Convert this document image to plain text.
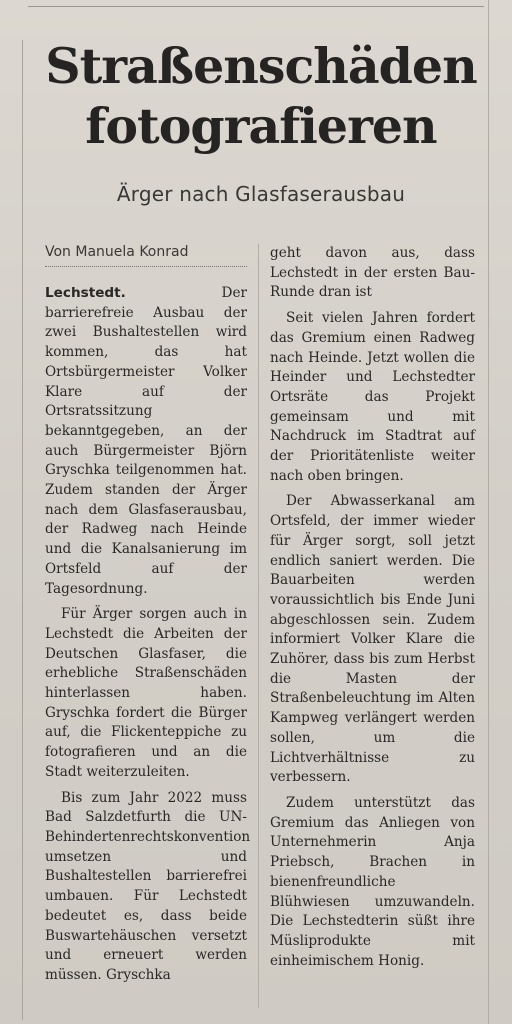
Straßenschäden fotografieren
Ärger nach Glasfaserausbau
Von Manuela Konrad

Lechstedt.	Der barrierefreie Ausbau der zwei Bushaltestellen wird kommen, das hat Ortsbürgermeister Volker Klare auf der Ortsratssitzung bekanntgegeben, an der auch Bürgermeister Björn Gryschka teilgenommen hat. Zudem standen der Ärger nach dem Glasfaserausbau, der Radweg nach Heinde und die Kanalsanierung im Ortsfeld auf der Tagesordnung.

Für Ärger sorgen auch in Lechstedt die Arbeiten der Deutschen Glasfaser, die erhebliche Straßenschäden hinterlassen haben. Gryschka fordert die Bürger auf, die Flickenteppiche zu fotografieren und an die Stadt weiterzuleiten.

Bis zum Jahr 2022 muss Bad Salzdetfurth die UN-Behindertenrechtskonvention umsetzen und Bushaltestellen barrierefrei umbauen. Für Lechstedt bedeutet es, dass beide Buswartehäuschen versetzt und erneuert werden müssen. Gryschka

geht davon aus, dass Lechstedt in der ersten Bau-Runde dran ist

Seit vielen Jahren fordert das Gremium einen Radweg nach Heinde. Jetzt wollen die Heinder und Lechstedter Ortsräte das Projekt gemeinsam und mit Nachdruck im Stadtrat auf der Prioritätenliste weiter nach oben bringen.

Der Abwasserkanal am Ortsfeld, der immer wieder für Ärger sorgt, soll jetzt endlich saniert werden. Die Bauarbeiten werden voraussichtlich bis Ende Juni abgeschlossen sein. Zudem informiert Volker Klare die Zuhörer, dass bis zum Herbst die Masten der Straßenbeleuchtung im Alten Kampweg verlängert werden sollen, um die Lichtverhältnisse zu verbessern.

Zudem unterstützt das Gremium das Anliegen von Unternehmerin Anja Priebsch, Brachen in bienenfreundliche Blühwiesen umzuwandeln. Die Lechstedterin süßt ihre Müsliprodukte mit einheimischem Honig.
